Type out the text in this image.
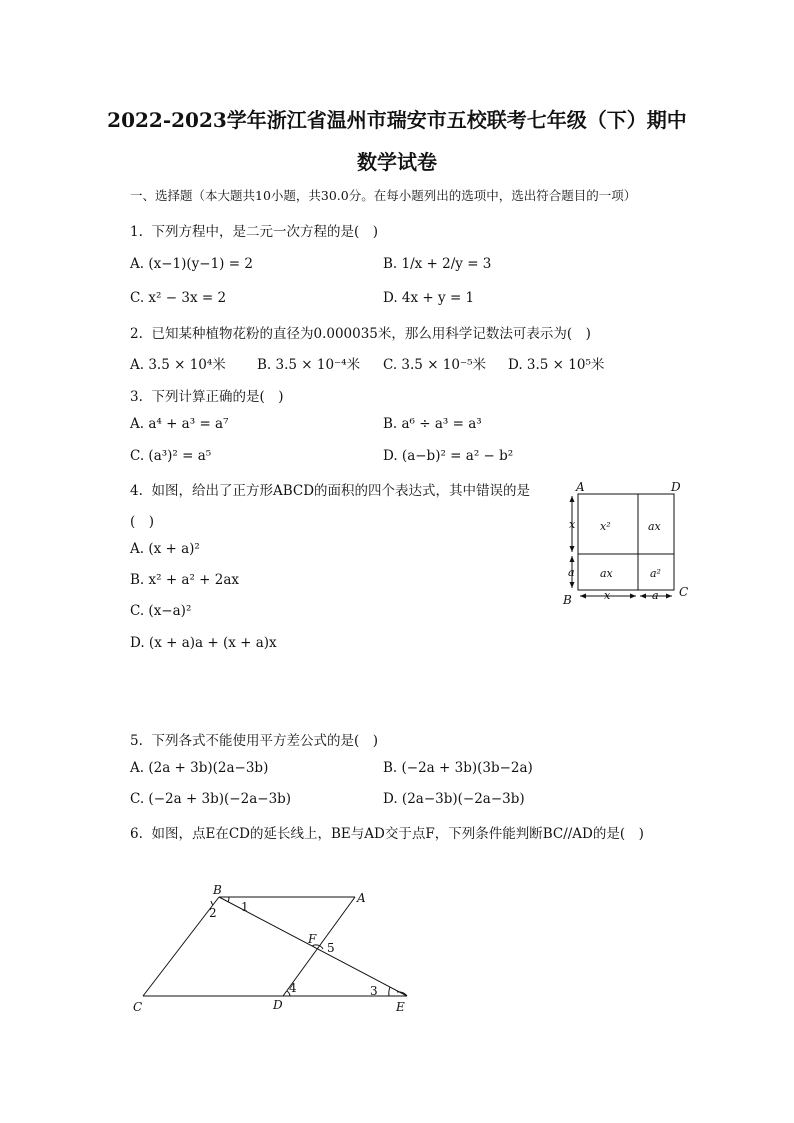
2022-2023学年浙江省温州市瑞安市五校联考七年级（下）期中
数学试卷
一、选择题（本大题共10小题，共30.0分。在每小题列出的选项中，选出符合题目的一项）
1. 下列方程中，是二元一次方程的是(　)
A. (x−1)(y−1) = 2	B. 1/x + 2/y = 3
C. x² − 3x = 2	D. 4x + y = 1
2. 已知某种植物花粉的直径为0.000035米，那么用科学记数法可表示为(　)
A. 3.5 × 10⁴米 B. 3.5 × 10⁻⁴米 C. 3.5 × 10⁻⁵米 D. 3.5 × 10⁵米
3. 下列计算正确的是(　)
A. a⁴ + a³ = a⁷	B. a⁶ ÷ a³ = a³
C. (a³)² = a⁵	D. (a−b)² = a² − b²
4. 如图，给出了正方形ABCD的面积的四个表达式，其中错误的是
(　)
A. (x + a)²
B. x² + a² + 2ax
C. (x−a)²
D. (x + a)a + (x + a)x
A	D
B
C
x²	ax
ax	a²
x
a
x	a
5. 下列各式不能使用平方差公式的是(　)
A. (2a + 3b)(2a−3b)	B. (−2a + 3b)(3b−2a)
C. (−2a + 3b)(−2a−3b)	D. (2a−3b)(−2a−3b)
6. 如图，点E在CD的延长线上，BE与AD交于点F，下列条件能判断BC//AD的是(　)
B
A
F
C	D	E
1
2
5
4	3
